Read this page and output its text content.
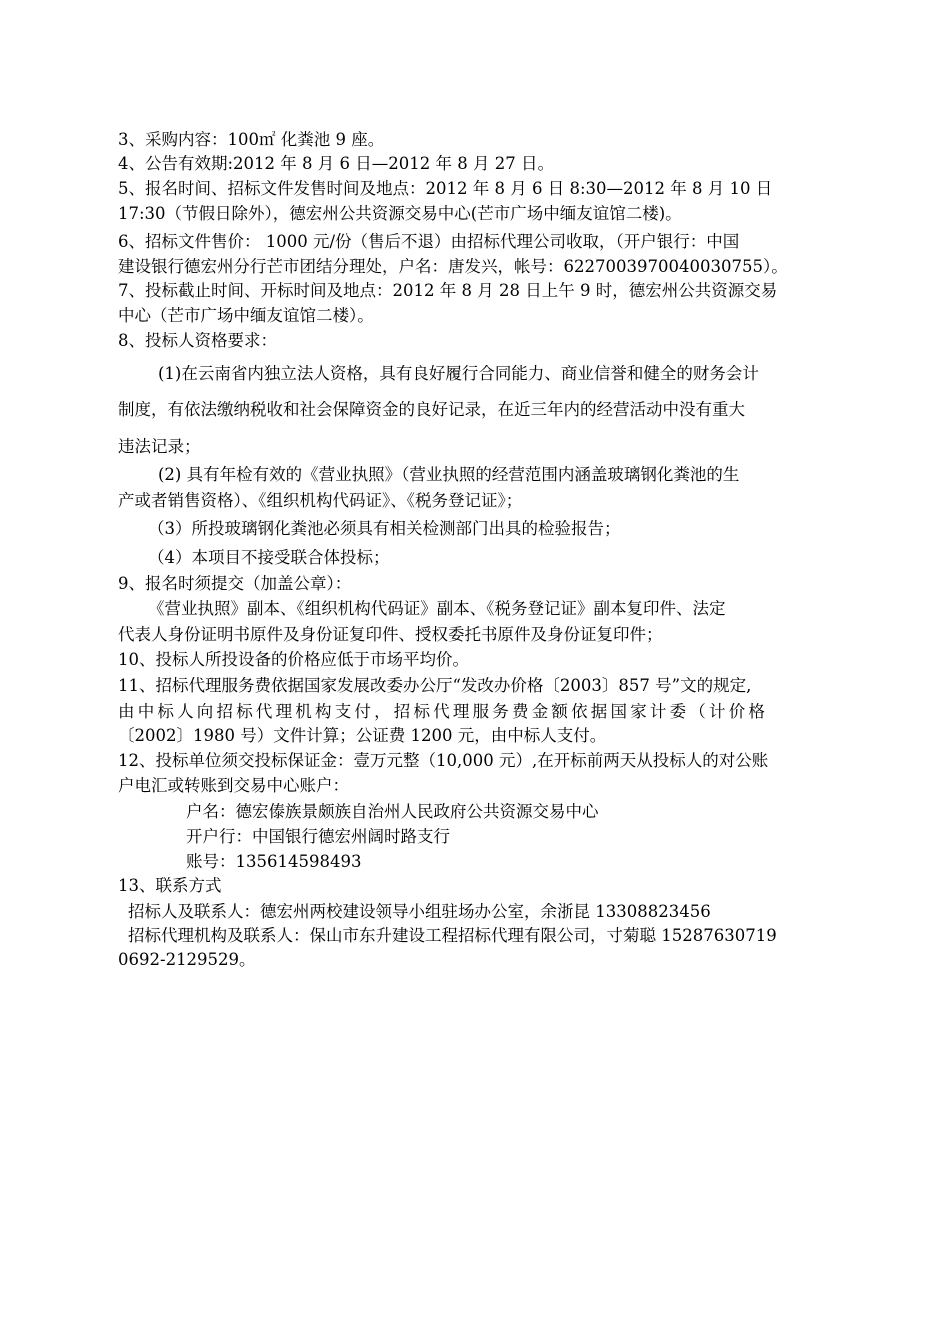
3、采购内容：100㎡ 化粪池 9 座。
4、公告有效期:2012 年 8 月 6 日—2012 年 8 月 27 日。
5、报名时间、招标文件发售时间及地点：2012 年 8 月 6 日 8:30—2012 年 8 月 10 日
17:30（节假日除外），德宏州公共资源交易中心(芒市广场中缅友谊馆二楼)。
6、招标文件售价： 1000 元/份（售后不退）由招标代理公司收取，（开户银行：中国
建设银行德宏州分行芒市团结分理处，户名：唐发兴，帐号：6227003970040030755）。
7、投标截止时间、开标时间及地点：2012 年 8 月 28 日上午 9 时，德宏州公共资源交易
中心（芒市广场中缅友谊馆二楼）。
8、投标人资格要求：
(1)在云南省内独立法人资格，具有良好履行合同能力、商业信誉和健全的财务会计
制度，有依法缴纳税收和社会保障资金的良好记录，在近三年内的经营活动中没有重大
违法记录；
(2) 具有年检有效的《营业执照》（营业执照的经营范围内涵盖玻璃钢化粪池的生
产或者销售资格）、《组织机构代码证》、《税务登记证》；
（3）所投玻璃钢化粪池必须具有相关检测部门出具的检验报告；
（4）本项目不接受联合体投标；
9、报名时须提交（加盖公章）：
《营业执照》副本、《组织机构代码证》副本、《税务登记证》副本复印件、法定
代表人身份证明书原件及身份证复印件、授权委托书原件及身份证复印件；
10、投标人所投设备的价格应低于市场平均价。
11、招标代理服务费依据国家发展改委办公厅“发改办价格〔2003〕857 号”文的规定,
由中标人向招标代理机构支付，招标代理服务费金额依据国家计委（计价格
〔2002〕1980 号）文件计算；公证费 1200 元，由中标人支付。
12、投标单位须交投标保证金：壹万元整（10,000 元）,在开标前两天从投标人的对公账
户电汇或转账到交易中心账户：
户名：德宏傣族景颇族自治州人民政府公共资源交易中心
开户行：中国银行德宏州阔时路支行
账号：135614598493
13、联系方式
招标人及联系人：德宏州两校建设领导小组驻场办公室，余浙昆 13308823456
招标代理机构及联系人：保山市东升建设工程招标代理有限公司，寸菊聪 15287630719
0692-2129529。
